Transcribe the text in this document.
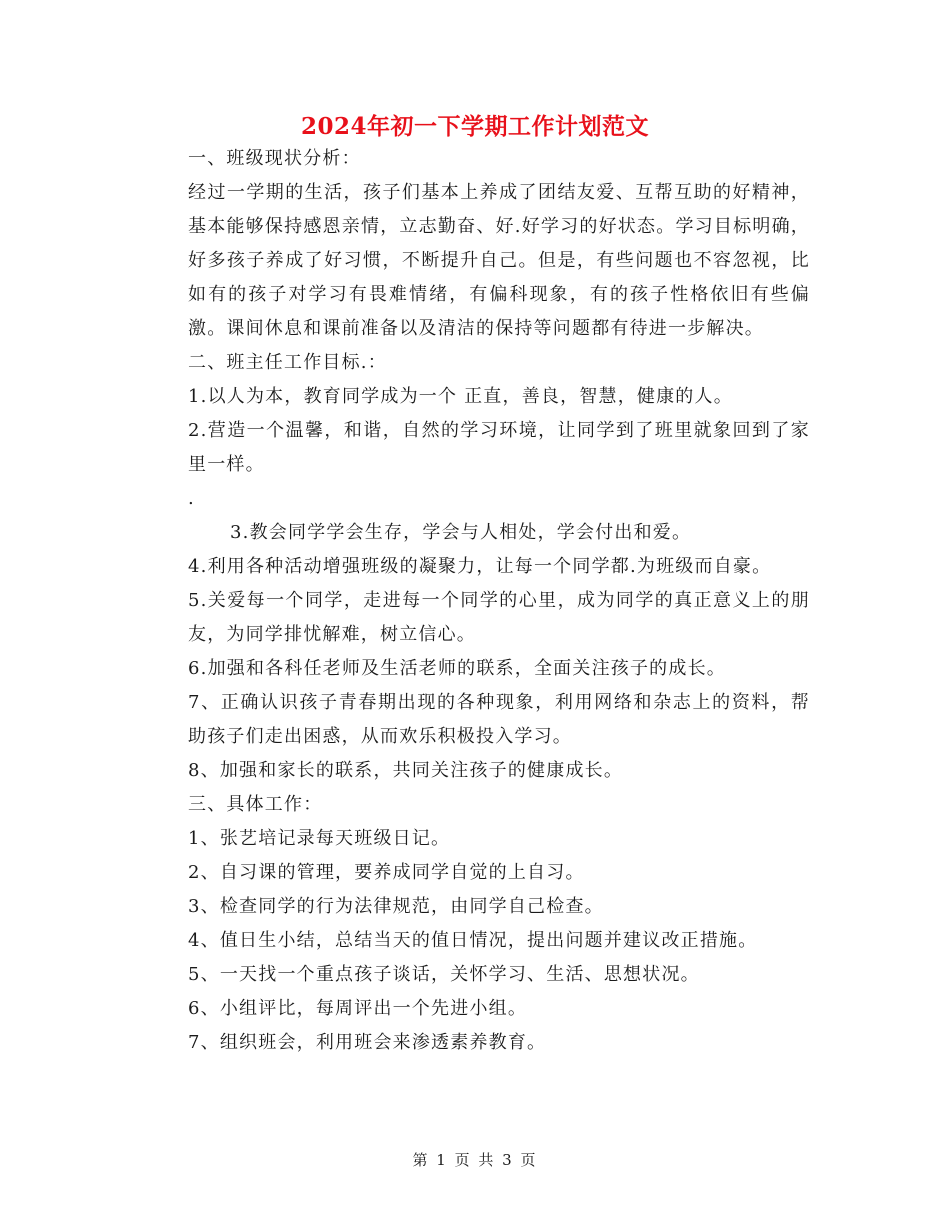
2024年初一下学期工作计划范文

一、班级现状分析：

经过一学期的生活，孩子们基本上养成了团结友爱、互帮互助的好精神，基本能够保持感恩亲情，立志勤奋、好.好学习的好状态。学习目标明确，好多孩子养成了好习惯，不断提升自己。但是，有些问题也不容忽视，比如有的孩子对学习有畏难情绪，有偏科现象，有的孩子性格依旧有些偏激。课间休息和课前准备以及清洁的保持等问题都有待进一步解决。

二、班主任工作目标.：

1.以人为本，教育同学成为一个 正直，善良，智慧，健康的人。

2.营造一个温馨，和谐，自然的学习环境，让同学到了班里就象回到了家里一样。

.

3.教会同学学会生存，学会与人相处，学会付出和爱。

4.利用各种活动增强班级的凝聚力，让每一个同学都.为班级而自豪。

5.关爱每一个同学，走进每一个同学的心里，成为同学的真正意义上的朋友，为同学排忧解难，树立信心。

6.加强和各科任老师及生活老师的联系，全面关注孩子的成长。

7、正确认识孩子青春期出现的各种现象，利用网络和杂志上的资料，帮助孩子们走出困惑，从而欢乐积极投入学习。

8、加强和家长的联系，共同关注孩子的健康成长。

三、具体工作：

1、张艺培记录每天班级日记。

2、自习课的管理，要养成同学自觉的上自习。

3、检查同学的行为法律规范，由同学自己检查。

4、值日生小结，总结当天的值日情况，提出问题并建议改正措施。

5、一天找一个重点孩子谈话，关怀学习、生活、思想状况。

6、小组评比，每周评出一个先进小组。

7、组织班会，利用班会来渗透素养教育。

第 1 页 共 3 页
